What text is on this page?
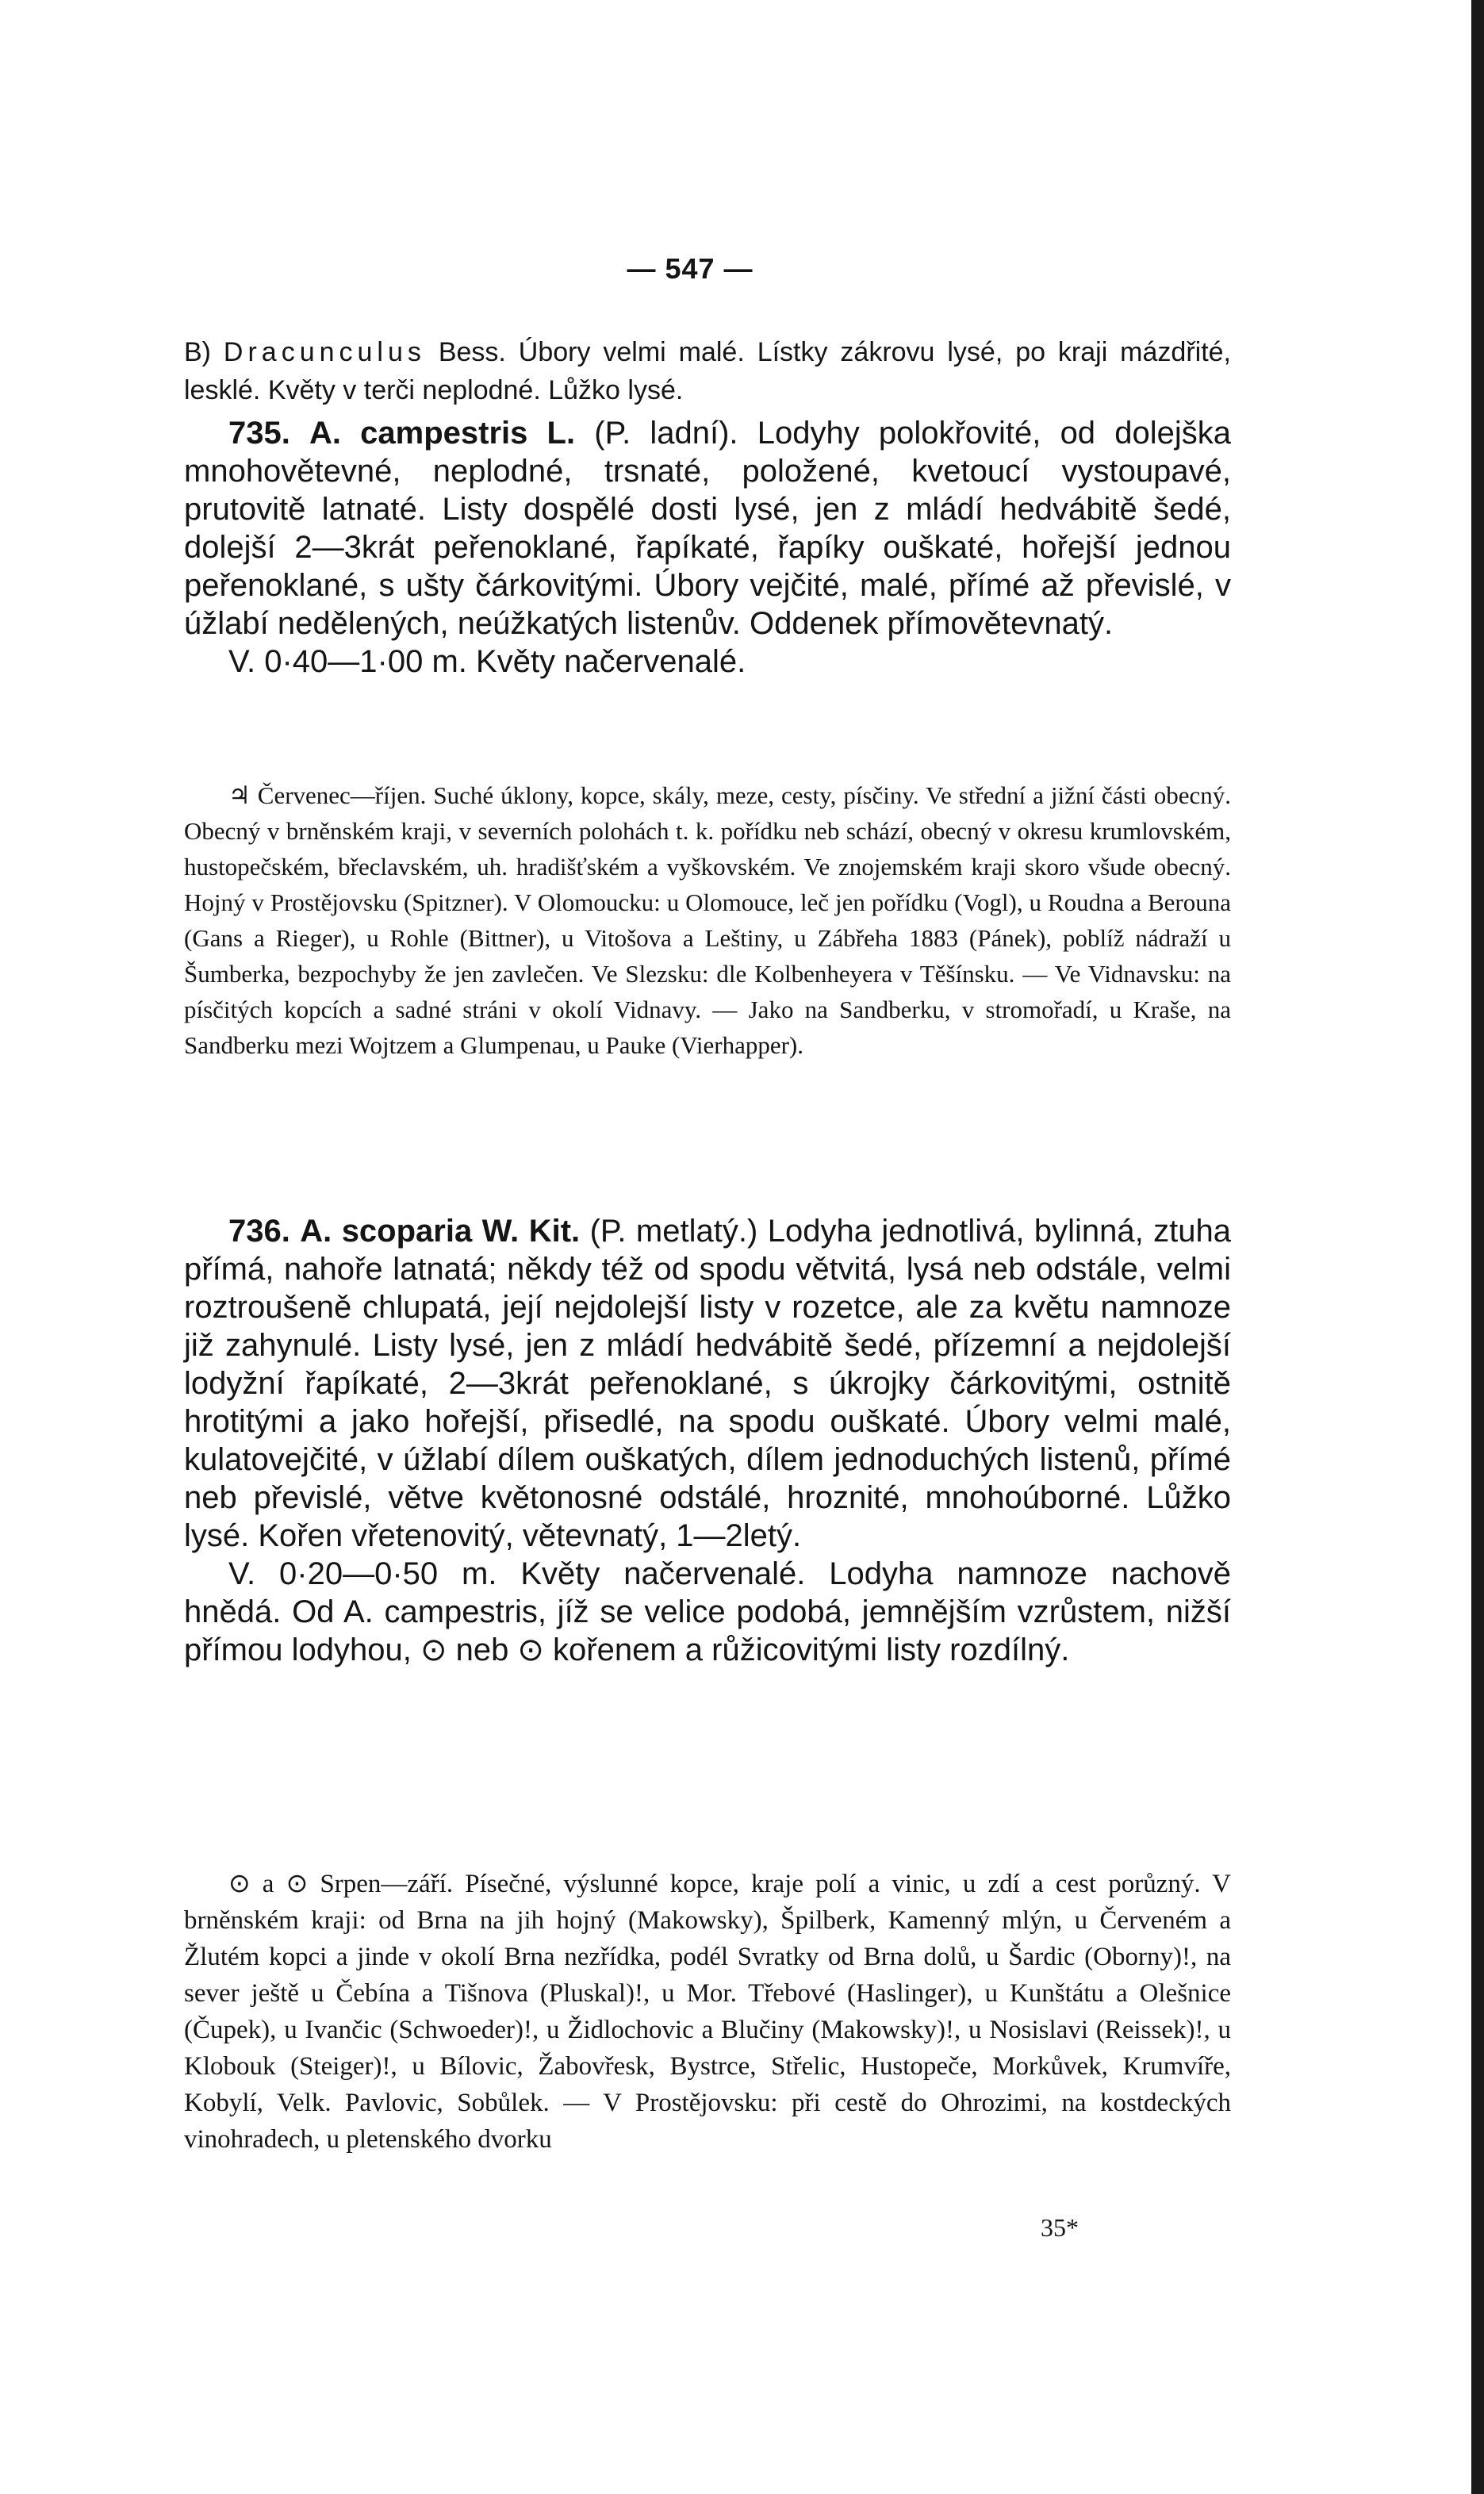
— 547 —
B) Dracunculus Bess. Úbory velmi malé. Lístky zákrovu lysé, po kraji mázdřité, lesklé. Květy v terči neplodné. Lůžko lysé.

735. A. campestris L. (P. ladní). Lodyhy polokřovité, od dolejška mnohovětevné, neplodné, trsnaté, položené, kvetoucí vystoupavé, prutovitě latnaté. Listy dospělé dosti lysé, jen z mládí hedvábitě šedé, dolejší 2—3krát peřenoklané, řapíkaté, řapíky ouškaté, hořejší jednou peřenoklané, s ušty čárkovitými. Úbory vejčité, malé, přímé až převislé, v úžlabí nedělených, neúžkatých listenův. Oddenek přímovětevnatý.

V. 0·40—1·00 m. Květy načervenalé.

♃ Červenec—říjen. Suché úklony, kopce, skály, meze, cesty, písčiny. Ve střední a jižní části obecný. Obecný v brněnském kraji, v severních polohách t. k. pořídku neb schází, obecný v okresu krumlovském, hustopečském, břeclavském, uh. hradišťském a vyškovském. Ve znojemském kraji skoro všude obecný. Hojný v Prostějovsku (Spitzner). V Olomoucku: u Olomouce, leč jen pořídku (Vogl), u Roudna a Berouna (Gans a Rieger), u Rohle (Bittner), u Vitošova a Leštiny, u Zábřeha 1883 (Pánek), poblíž nádraží u Šumberka, bezpochyby že jen zavlečen. Ve Slezsku: dle Kolbenheyera v Těšínsku. — Ve Vidnavsku: na písčitých kopcích a sadné stráni v okolí Vidnavy. — Jako na Sandberku, v stromořadí, u Kraše, na Sandberku mezi Wojtzem a Glumpenau, u Pauke (Vierhapper).

736. A. scoparia W. Kit. (P. metlatý.) Lodyha jednotlivá, bylinná, ztuha přímá, nahoře latnatá; někdy též od spodu větvitá, lysá neb odstále, velmi roztroušeně chlupatá, její nejdolejší listy v rozetce, ale za květu namnoze již zahynulé. Listy lysé, jen z mládí hedvábitě šedé, přízemní a nejdolejší lodyžní řapíkaté, 2—3krát peřenoklané, s úkrojky čárkovitými, ostnitě hrotitými a jako hořejší, přisedlé, na spodu ouškaté. Úbory velmi malé, kulatovejčité, v úžlabí dílem ouškatých, dílem jednoduchých listenů, přímé neb převislé, větve květonosné odstálé, hroznité, mnohoúborné. Lůžko lysé. Kořen vřetenovitý, větevnatý, 1—2letý.

V. 0·20—0·50 m. Květy načervenalé. Lodyha namnoze nachově hnědá. Od A. campestris, jíž se velice podobá, jemnějším vzrůstem, nižší přímou lodyhou, ⊙ neb ⊙ kořenem a růžicovitými listy rozdílný.

⊙ a ⊙ Srpen—září. Písečné, výslunné kopce, kraje polí a vinic, u zdí a cest porůzný. V brněnském kraji: od Brna na jih hojný (Makowsky), Špilberk, Kamenný mlýn, u Červeném a Žlutém kopci a jinde v okolí Brna nezřídka, podél Svratky od Brna dolů, u Šardic (Oborny)!, na sever ještě u Čebína a Tišnova (Pluskal)!, u Mor. Třebové (Haslinger), u Kunštátu a Olešnice (Čupek), u Ivančic (Schwoeder)!, u Židlochovic a Blučiny (Makowsky)!, u Nosislavi (Reissek)!, u Klobouk (Steiger)!, u Bílovic, Žabovřesk, Bystrce, Střelic, Hustopeče, Morkůvek, Krumvíře, Kobylí, Velk. Pavlovic, Sobůlek. — V Prostějovsku: při cestě do Ohrozimi, na kostdeckých vinohradech, u pletenského dvorku
35*
